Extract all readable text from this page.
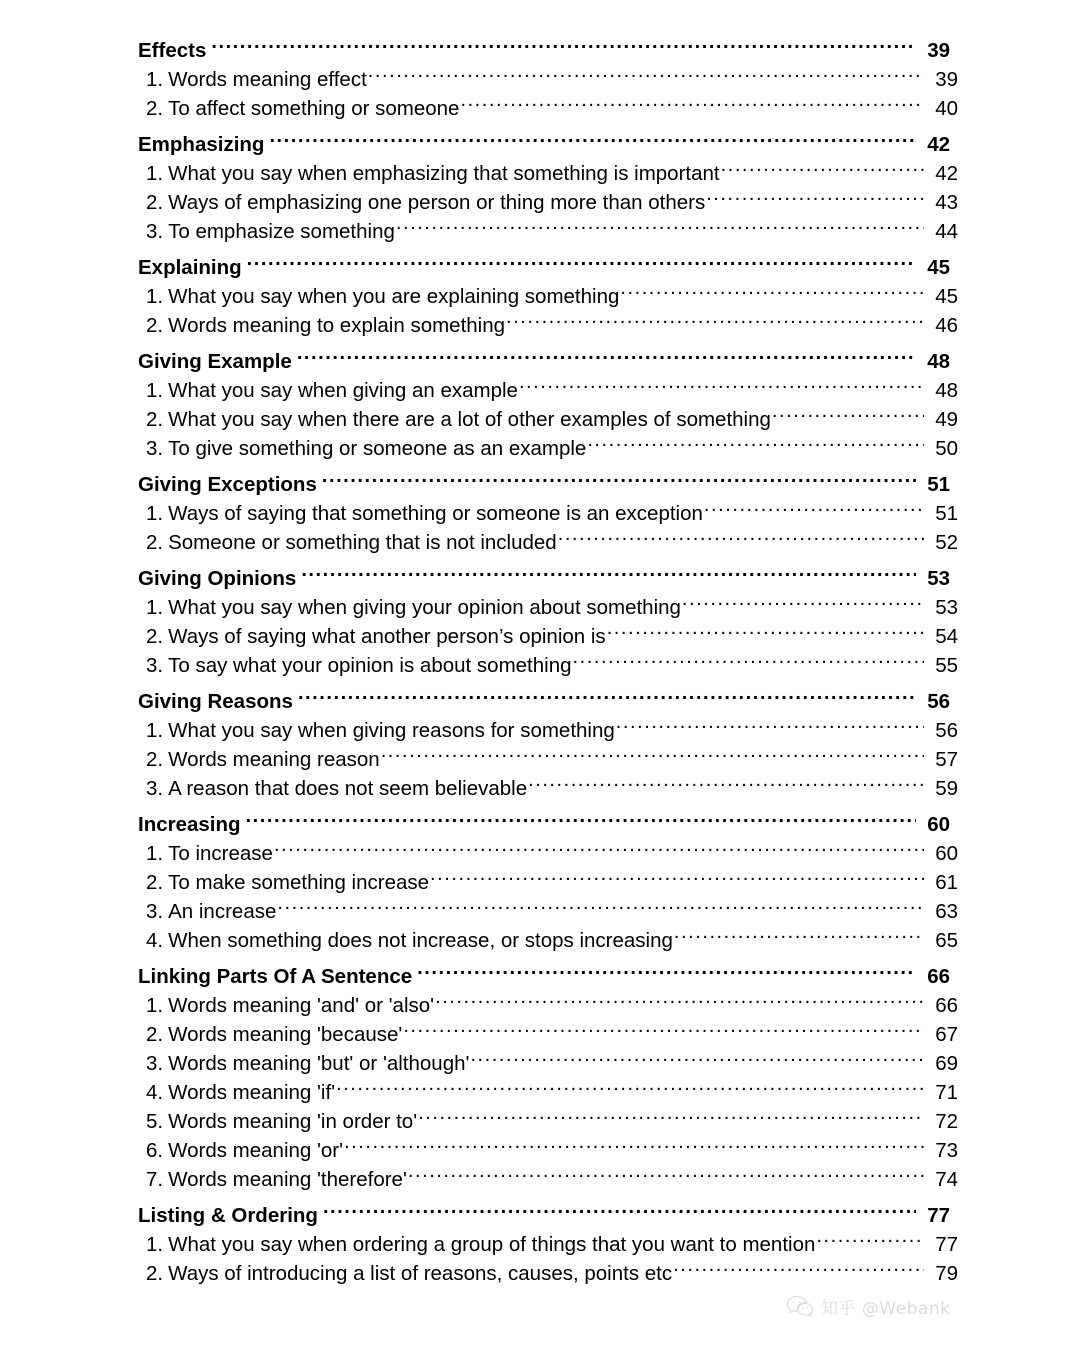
Effects .....	39
1. Words meaning effect .....	39
2. To affect something or someone .....	40
Emphasizing .....	42
1. What you say when emphasizing that something is important .....	42
2. Ways of emphasizing one person or thing more than others .....	43
3. To emphasize something .....	44
Explaining .....	45
1. What you say when you are explaining something .....	45
2. Words meaning to explain something .....	46
Giving Example .....	48
1. What you say when giving an example .....	48
2. What you say when there are a lot of other examples of something .....	49
3. To give something or someone as an example .....	50
Giving Exceptions .....	51
1. Ways of saying that something or someone is an exception .....	51
2. Someone or something that is not included .....	52
Giving Opinions .....	53
1. What you say when giving your opinion about something .....	53
2. Ways of saying what another person’s opinion is .....	54
3. To say what your opinion is about something .....	55
Giving Reasons .....	56
1. What you say when giving reasons for something .....	56
2. Words meaning reason .....	57
3. A reason that does not seem believable .....	59
Increasing .....	60
1. To increase .....	60
2. To make something increase .....	61
3. An increase .....	63
4. When something does not increase, or stops increasing .....	65
Linking Parts Of A Sentence .....	66
1. Words meaning 'and' or 'also' .....	66
2. Words meaning 'because' .....	67
3. Words meaning 'but' or 'although' .....	69
4. Words meaning 'if' .....	71
5. Words meaning 'in order to' .....	72
6. Words meaning 'or' .....	73
7. Words meaning 'therefore' .....	74
Listing & Ordering .....	77
1. What you say when ordering a group of things that you want to mention .....	77
2. Ways of introducing a list of reasons, causes, points etc .....	79
知乎 @Webank
